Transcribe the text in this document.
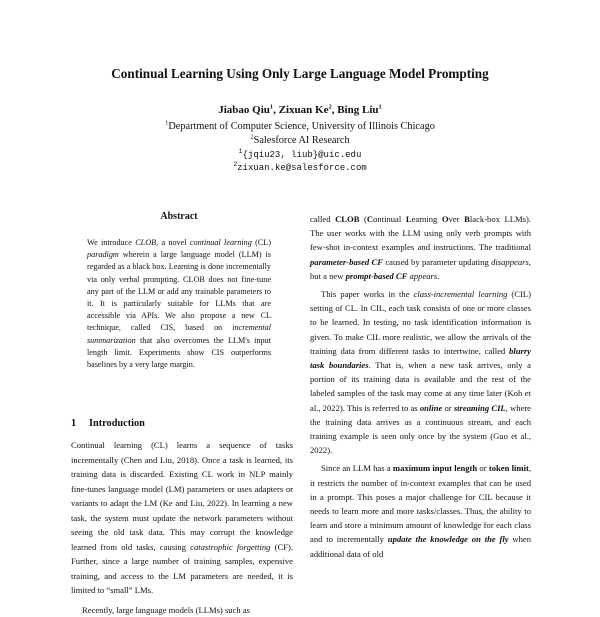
Continual Learning Using Only Large Language Model Prompting
Jiabao Qiu$^1$, Zixuan Ke$^2$, Bing Liu$^1$
$^1$Department of Computer Science, University of Illinois Chicago
$^2$Salesforce AI Research
$^1${jqiu23, liub}@uic.edu
$^2$zixuan.ke@salesforce.com
Abstract
We introduce CLOB, a novel continual learning (CL) paradigm wherein a large language model (LLM) is regarded as a black box. Learning is done incrementally via only verbal prompting. CLOB does not fine-tune any part of the LLM or add any trainable parameters to it. It is particularly suitable for LLMs that are accessible via APIs. We also propose a new CL technique, called CIS, based on incremental summarization that also overcomes the LLM's input length limit. Experiments show CIS outperforms baselines by a very large margin.
1 Introduction

Continual learning (CL) learns a sequence of tasks incrementally (Chen and Liu, 2018). Once a task is learned, its training data is discarded. Existing CL work in NLP mainly fine-tunes language model (LM) parameters or uses adapters or variants to adapt the LM (Ke and Liu, 2022). In learning a new task, the system must update the network parameters without seeing the old task data. This may corrupt the knowledge learned from old tasks, causing catastrophic forgetting (CF). Further, since a large number of training samples, expensive training, and access to the LM parameters are needed, it is limited to “small” LMs.

Recently, large language models (LLMs) such as

called CLOB (Continual Learning Over Black-box LLMs). The user works with the LLM using only verb prompts with few-shot in-context examples and instructions. The traditional parameter-based CF caused by parameter updating disappears, but a new prompt-based CF appears.

This paper works in the class-incremental learning (CIL) setting of CL. In CIL, each task consists of one or more classes to be learned. In testing, no task identification information is given. To make CIL more realistic, we allow the arrivals of the training data from different tasks to intertwine, called blurry task boundaries. That is, when a new task arrives, only a portion of its training data is available and the rest of the labeled samples of the task may come at any time later (Koh et al., 2022). This is referred to as online or streaming CIL, where the training data arrives as a continuous stream, and each training example is seen only once by the system (Guo et al., 2022).

Since an LLM has a maximum input length or token limit, it restricts the number of in-context examples that can be used in a prompt. This poses a major challenge for CIL because it needs to learn more and more tasks/classes. Thus, the ability to learn and store a minimum amount of knowledge for each class and to incrementally update the knowledge on the fly when additional data of old
